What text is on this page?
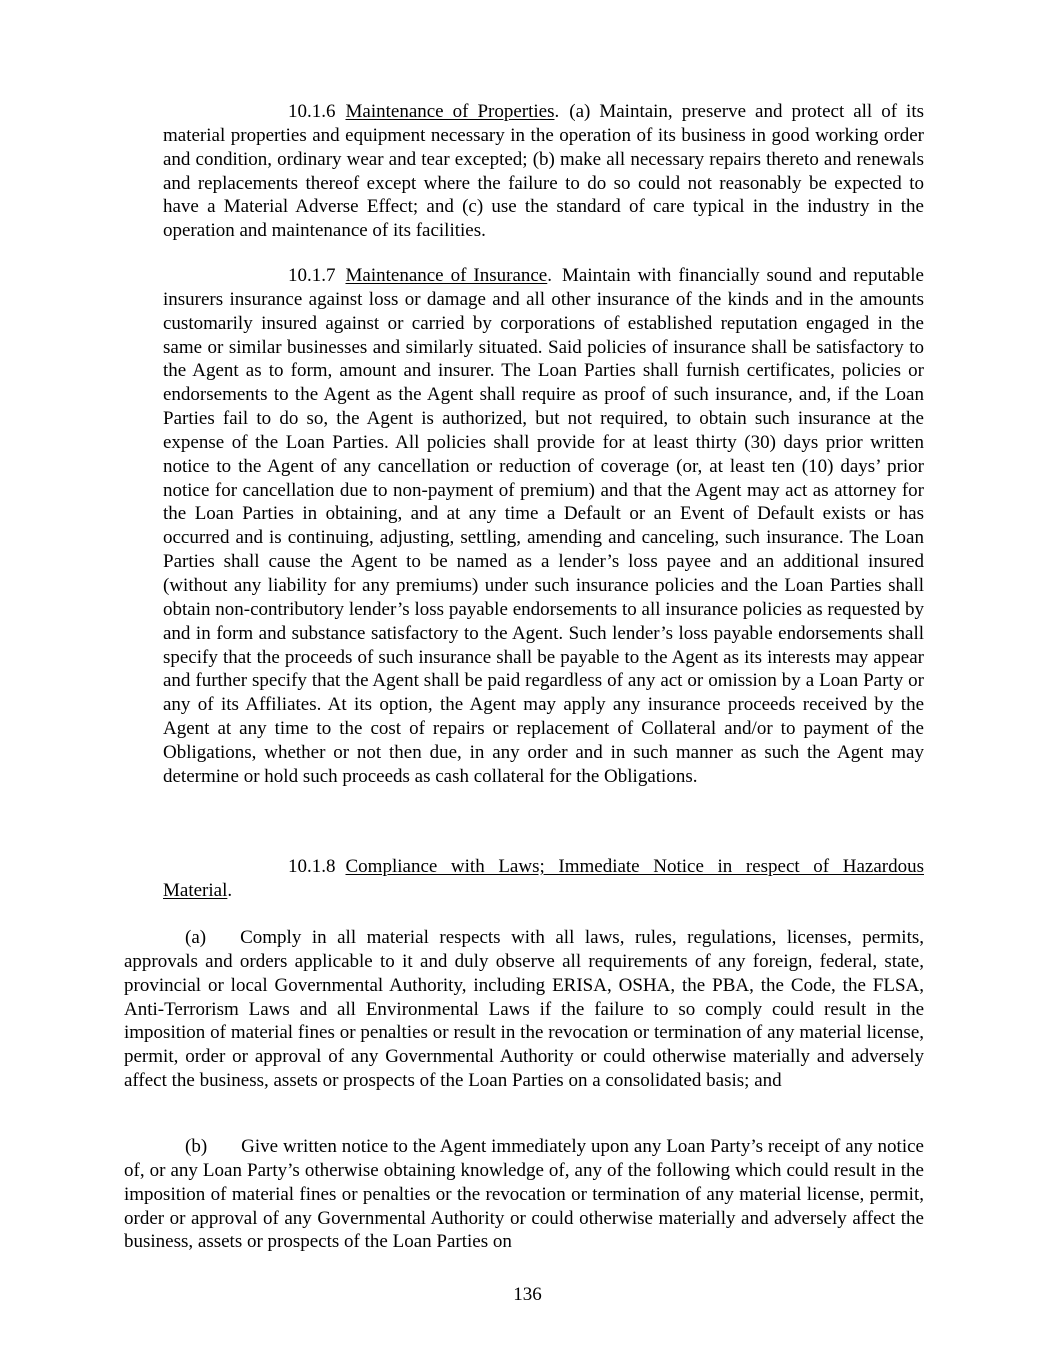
10.1.6 Maintenance of Properties. (a) Maintain, preserve and protect all of its material properties and equipment necessary in the operation of its business in good working order and condition, ordinary wear and tear excepted; (b) make all necessary repairs thereto and renewals and replacements thereof except where the failure to do so could not reasonably be expected to have a Material Adverse Effect; and (c) use the standard of care typical in the industry in the operation and maintenance of its facilities.

10.1.7 Maintenance of Insurance. Maintain with financially sound and reputable insurers insurance against loss or damage and all other insurance of the kinds and in the amounts customarily insured against or carried by corporations of established reputation engaged in the same or similar businesses and similarly situated. Said policies of insurance shall be satisfactory to the Agent as to form, amount and insurer. The Loan Parties shall furnish certificates, policies or endorsements to the Agent as the Agent shall require as proof of such insurance, and, if the Loan Parties fail to do so, the Agent is authorized, but not required, to obtain such insurance at the expense of the Loan Parties. All policies shall provide for at least thirty (30) days prior written notice to the Agent of any cancellation or reduction of coverage (or, at least ten (10) days’ prior notice for cancellation due to non-payment of premium) and that the Agent may act as attorney for the Loan Parties in obtaining, and at any time a Default or an Event of Default exists or has occurred and is continuing, adjusting, settling, amending and canceling, such insurance. The Loan Parties shall cause the Agent to be named as a lender’s loss payee and an additional insured (without any liability for any premiums) under such insurance policies and the Loan Parties shall obtain non-contributory lender’s loss payable endorsements to all insurance policies as requested by and in form and substance satisfactory to the Agent. Such lender’s loss payable endorsements shall specify that the proceeds of such insurance shall be payable to the Agent as its interests may appear and further specify that the Agent shall be paid regardless of any act or omission by a Loan Party or any of its Affiliates. At its option, the Agent may apply any insurance proceeds received by the Agent at any time to the cost of repairs or replacement of Collateral and/or to payment of the Obligations, whether or not then due, in any order and in such manner as such the Agent may determine or hold such proceeds as cash collateral for the Obligations.

10.1.8 Compliance with Laws; Immediate Notice in respect of Hazardous Material.

(a) Comply in all material respects with all laws, rules, regulations, licenses, permits, approvals and orders applicable to it and duly observe all requirements of any foreign, federal, state, provincial or local Governmental Authority, including ERISA, OSHA, the PBA, the Code, the FLSA, Anti-Terrorism Laws and all Environmental Laws if the failure to so comply could result in the imposition of material fines or penalties or result in the revocation or termination of any material license, permit, order or approval of any Governmental Authority or could otherwise materially and adversely affect the business, assets or prospects of the Loan Parties on a consolidated basis; and

(b) Give written notice to the Agent immediately upon any Loan Party’s receipt of any notice of, or any Loan Party’s otherwise obtaining knowledge of, any of the following which could result in the imposition of material fines or penalties or the revocation or termination of any material license, permit, order or approval of any Governmental Authority or could otherwise materially and adversely affect the business, assets or prospects of the Loan Parties on

136
